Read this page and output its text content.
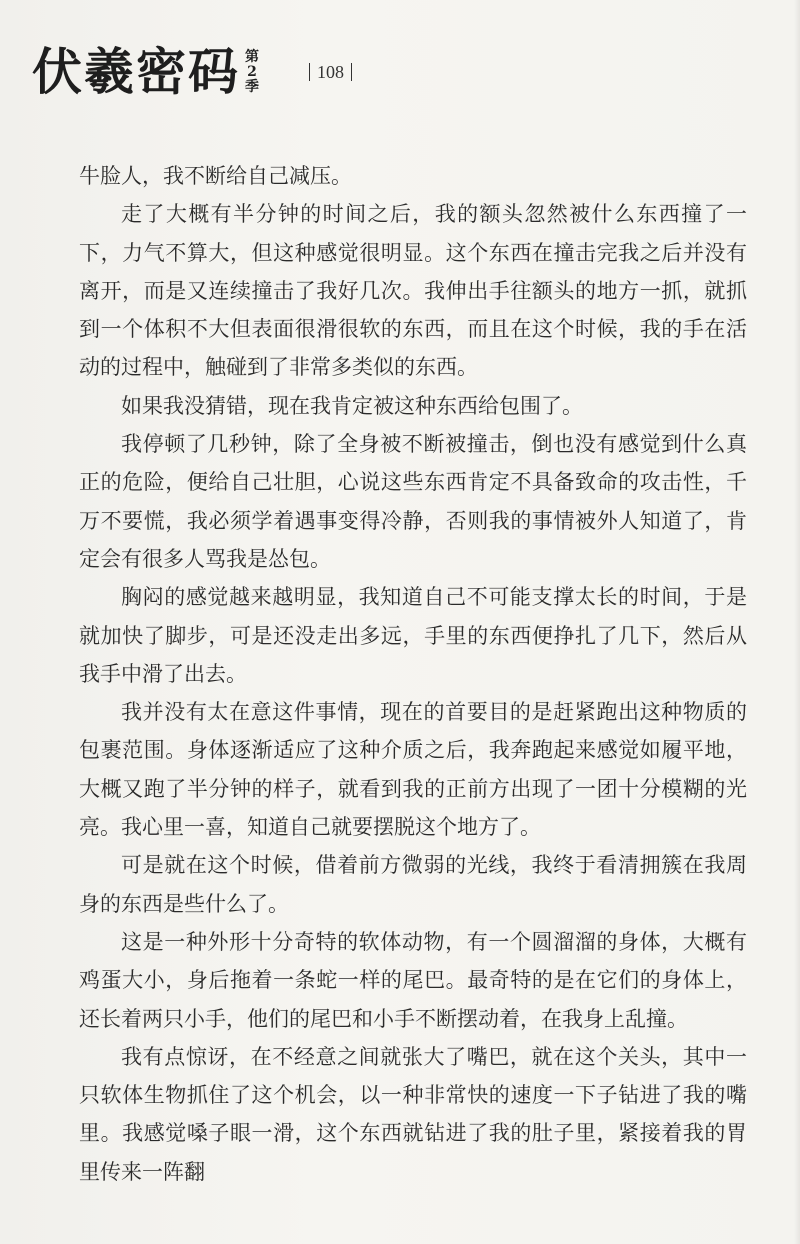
伏羲密码 第
2
季
108

牛脸人，我不断给自己减压。

走了大概有半分钟的时间之后，我的额头忽然被什么东西撞了一下，力气不算大，但这种感觉很明显。这个东西在撞击完我之后并没有离开，而是又连续撞击了我好几次。我伸出手往额头的地方一抓，就抓到一个体积不大但表面很滑很软的东西，而且在这个时候，我的手在活动的过程中，触碰到了非常多类似的东西。

如果我没猜错，现在我肯定被这种东西给包围了。

我停顿了几秒钟，除了全身被不断被撞击，倒也没有感觉到什么真正的危险，便给自己壮胆，心说这些东西肯定不具备致命的攻击性，千万不要慌，我必须学着遇事变得冷静，否则我的事情被外人知道了，肯定会有很多人骂我是怂包。

胸闷的感觉越来越明显，我知道自己不可能支撑太长的时间，于是就加快了脚步，可是还没走出多远，手里的东西便挣扎了几下，然后从我手中滑了出去。

我并没有太在意这件事情，现在的首要目的是赶紧跑出这种物质的包裹范围。身体逐渐适应了这种介质之后，我奔跑起来感觉如履平地，大概又跑了半分钟的样子，就看到我的正前方出现了一团十分模糊的光亮。我心里一喜，知道自己就要摆脱这个地方了。

可是就在这个时候，借着前方微弱的光线，我终于看清拥簇在我周身的东西是些什么了。

这是一种外形十分奇特的软体动物，有一个圆溜溜的身体，大概有鸡蛋大小，身后拖着一条蛇一样的尾巴。最奇特的是在它们的身体上，还长着两只小手，他们的尾巴和小手不断摆动着，在我身上乱撞。

我有点惊讶，在不经意之间就张大了嘴巴，就在这个关头，其中一只软体生物抓住了这个机会，以一种非常快的速度一下子钻进了我的嘴里。我感觉嗓子眼一滑，这个东西就钻进了我的肚子里，紧接着我的胃里传来一阵翻
